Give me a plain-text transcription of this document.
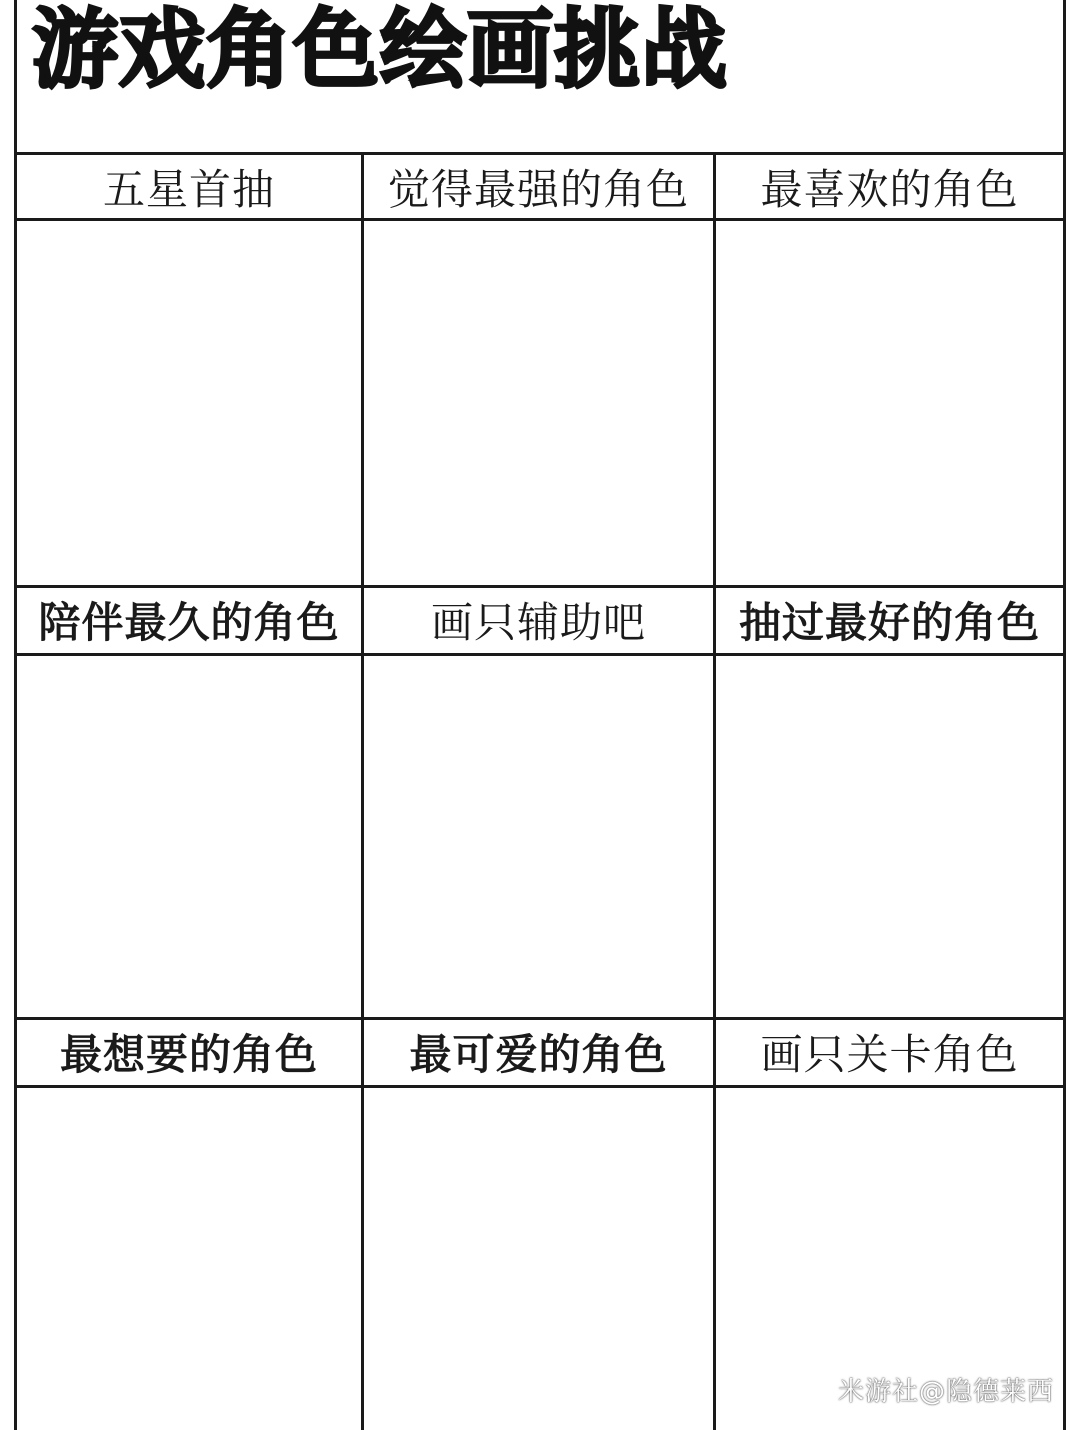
游戏角色绘画挑战
五星首抽	觉得最强的角色	最喜欢的角色
陪伴最久的角色	画只辅助吧	抽过最好的角色
最想要的角色	最可爱的角色	画只关卡角色
米游社@隐德莱西
